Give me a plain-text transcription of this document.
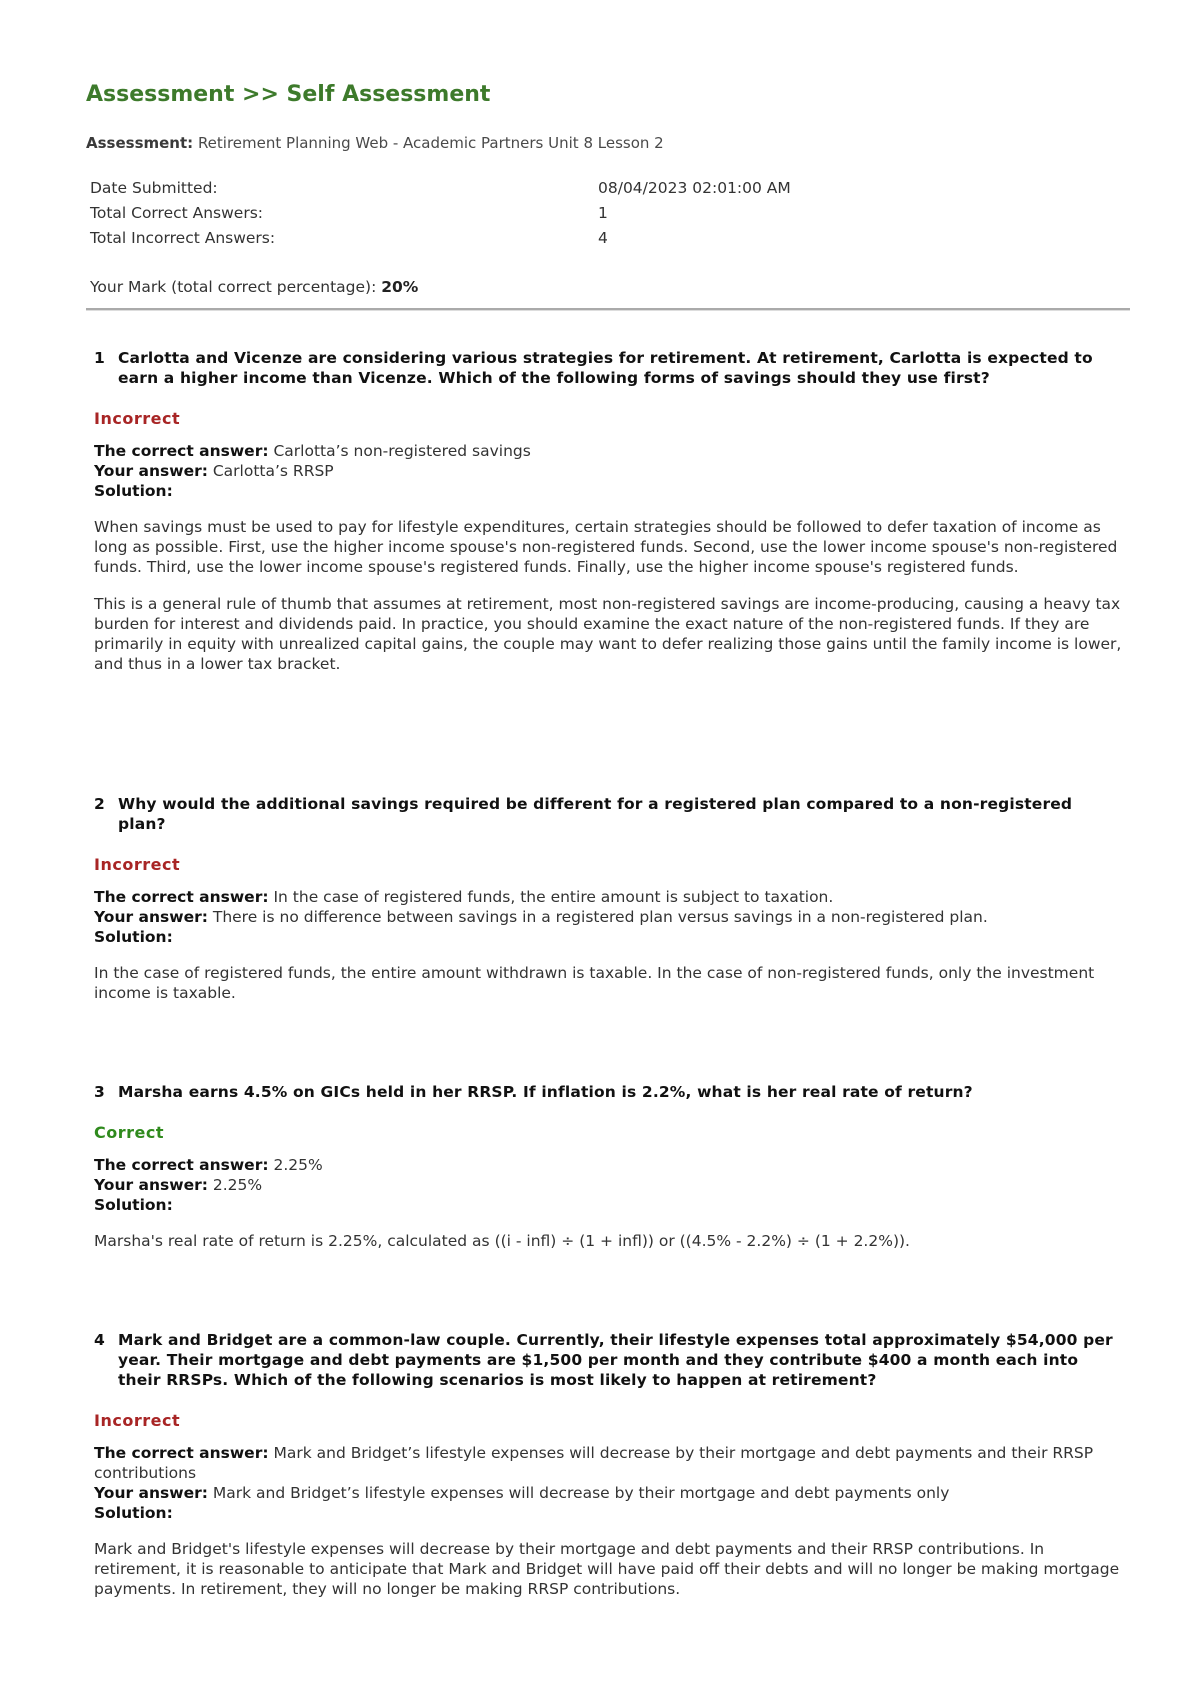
Assessment >> Self Assessment
Assessment: Retirement Planning Web - Academic Partners Unit 8 Lesson 2
Date Submitted:	08/04/2023 02:01:00 AM
Total Correct Answers:	1
Total Incorrect Answers:	4
Your Mark (total correct percentage): 20%
1 Carlotta and Vicenze are considering various strategies for retirement. At retirement, Carlotta is expected to earn a higher income than Vicenze. Which of the following forms of savings should they use first?
Incorrect
The correct answer: Carlotta’s non-registered savings
Your answer: Carlotta’s RRSP
Solution:
When savings must be used to pay for lifestyle expenditures, certain strategies should be followed to defer taxation of income as long as possible. First, use the higher income spouse's non-registered funds. Second, use the lower income spouse's non-registered funds. Third, use the lower income spouse's registered funds. Finally, use the higher income spouse's registered funds.
This is a general rule of thumb that assumes at retirement, most non-registered savings are income-producing, causing a heavy tax burden for interest and dividends paid. In practice, you should examine the exact nature of the non-registered funds. If they are primarily in equity with unrealized capital gains, the couple may want to defer realizing those gains until the family income is lower, and thus in a lower tax bracket.
2 Why would the additional savings required be different for a registered plan compared to a non-registered plan?
Incorrect
The correct answer: In the case of registered funds, the entire amount is subject to taxation.
Your answer: There is no difference between savings in a registered plan versus savings in a non-registered plan.
Solution:
In the case of registered funds, the entire amount withdrawn is taxable. In the case of non-registered funds, only the investment income is taxable.
3 Marsha earns 4.5% on GICs held in her RRSP. If inflation is 2.2%, what is her real rate of return?
Correct
The correct answer: 2.25%
Your answer: 2.25%
Solution:
Marsha's real rate of return is 2.25%, calculated as ((i - infl) ÷ (1 + infl)) or ((4.5% - 2.2%) ÷ (1 + 2.2%)).
4 Mark and Bridget are a common-law couple. Currently, their lifestyle expenses total approximately $54,000 per year. Their mortgage and debt payments are $1,500 per month and they contribute $400 a month each into their RRSPs. Which of the following scenarios is most likely to happen at retirement?
Incorrect
The correct answer: Mark and Bridget’s lifestyle expenses will decrease by their mortgage and debt payments and their RRSP contributions
Your answer: Mark and Bridget’s lifestyle expenses will decrease by their mortgage and debt payments only
Solution:
Mark and Bridget's lifestyle expenses will decrease by their mortgage and debt payments and their RRSP contributions. In retirement, it is reasonable to anticipate that Mark and Bridget will have paid off their debts and will no longer be making mortgage payments. In retirement, they will no longer be making RRSP contributions.
